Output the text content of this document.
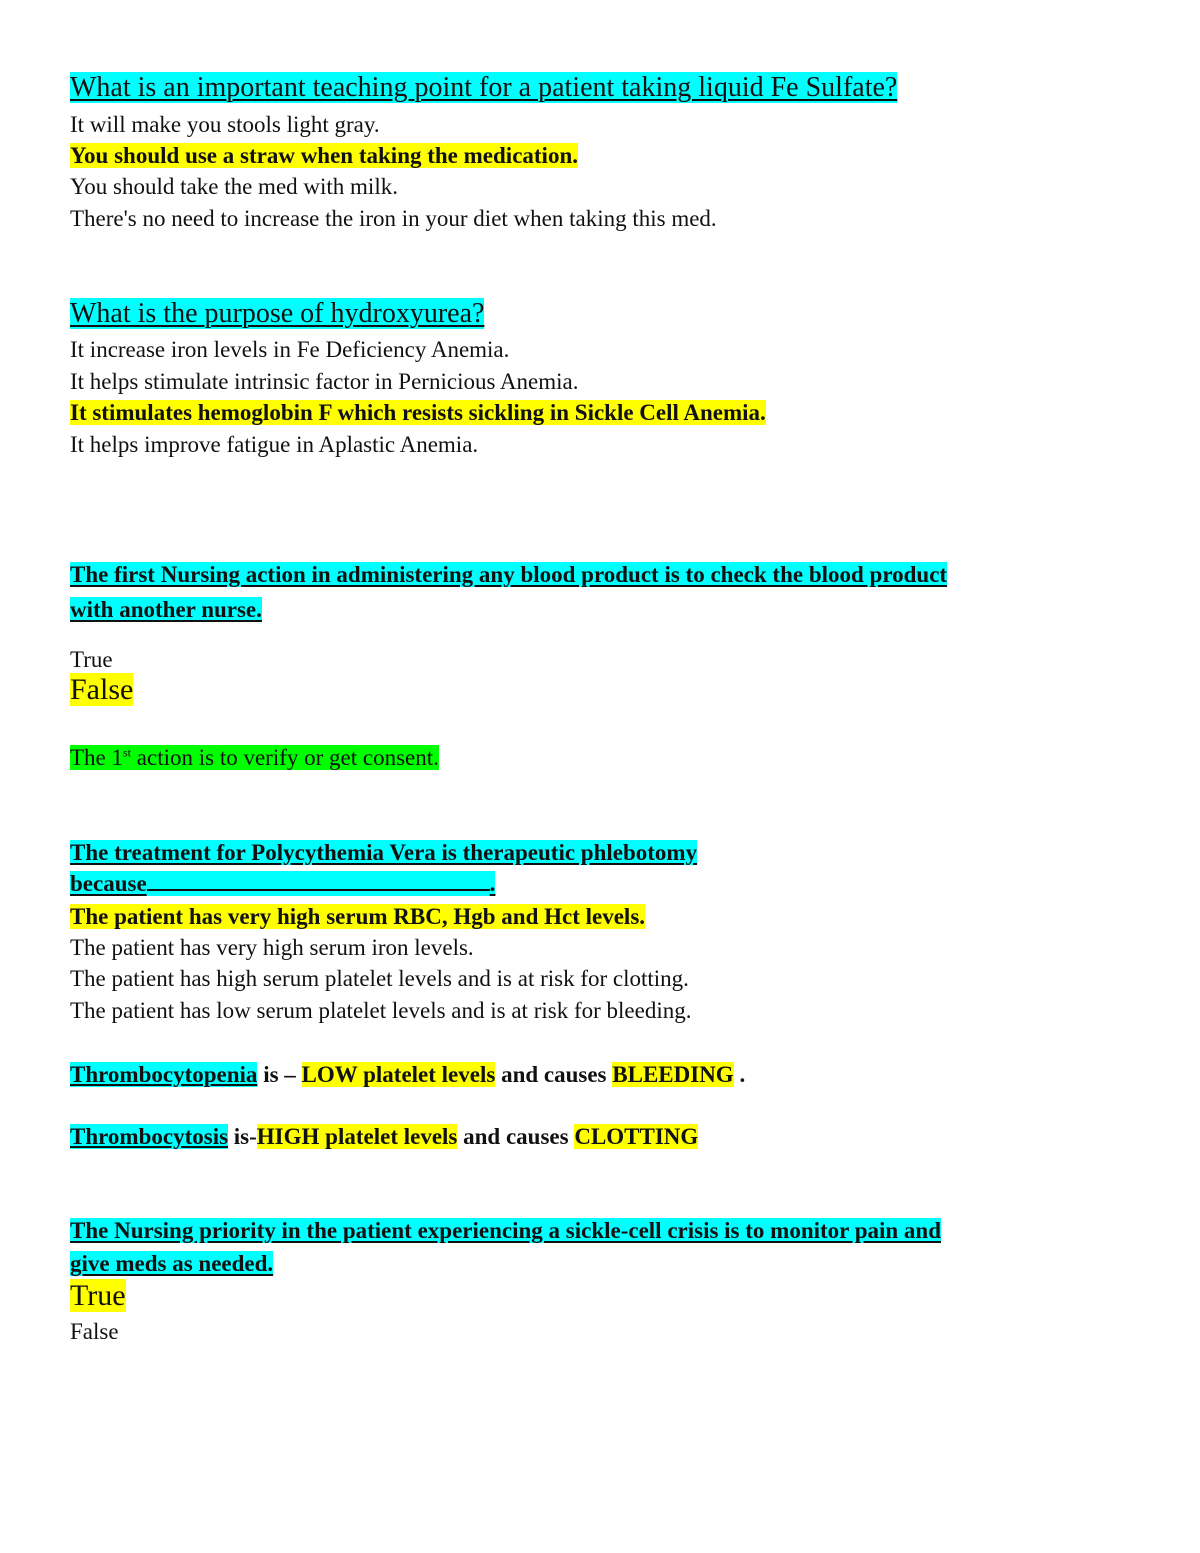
What is an important teaching point for a patient taking liquid Fe Sulfate?
It will make you stools light gray.
You should use a straw when taking the medication.
You should take the med with milk.
There's no need to increase the iron in your diet when taking this med.
What is the purpose of hydroxyurea?
It increase iron levels in Fe Deficiency Anemia.
It helps stimulate intrinsic factor in Pernicious Anemia.
It stimulates hemoglobin F which resists sickling in Sickle Cell Anemia.
It helps improve fatigue in Aplastic Anemia.
The first Nursing action in administering any blood product is to check the blood product
with another nurse.
True
False
The 1st action is to verify or get consent.
The treatment for Polycythemia Vera is therapeutic phlebotomy
because	.
The patient has very high serum RBC, Hgb and Hct levels.
The patient has very high serum iron levels.
The patient has high serum platelet levels and is at risk for clotting.
The patient has low serum platelet levels and is at risk for bleeding.
Thrombocytopenia is – LOW platelet levels and causes BLEEDING .
Thrombocytosis is-HIGH platelet levels and causes CLOTTING
The Nursing priority in the patient experiencing a sickle-cell crisis is to monitor pain and
give meds as needed.
True
False
